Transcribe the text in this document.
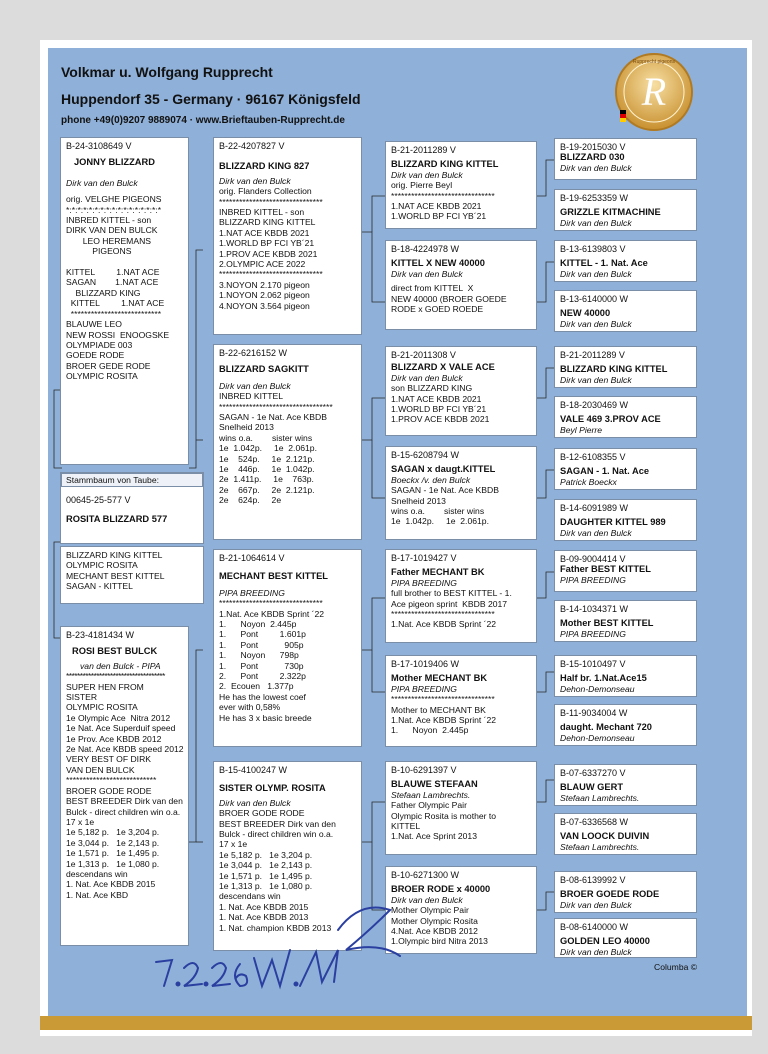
Volkmar u. Wolfgang Rupprecht
Huppendorf 35 - Germany · 96167 Königsfeld
phone +49(0)9207 9889074 · www.Brieftauben-Rupprecht.de
R
Rupprecht pigeons
B-24-3108649 V
JONNY BLIZZARD
Dirk van den Bulck
orig. VELGHE PIGEONS
*:*:*:*:*:*:*:*:*:*:*:*:*:*:*:*:*
INBRED KITTEL - son
DIRK VAN DEN BULCK
LEO HEREMANS
PIGEONS

KITTEL         1.NAT ACE
SAGAN        1.NAT ACE
BLIZZARD KING
KITTEL         1.NAT ACE
***************************
BLAUWE LEO
NEW ROSSI  ENOOGSKE
OLYMPIADE 003
GOEDE RODE
BROER GEDE RODE
OLYMPIC ROSITA
Stammbaum von Taube:
00645-25-577 V
ROSITA BLIZZARD 577
BLIZZARD KING KITTEL
OLYMPIC ROSITA
MECHANT BEST KITTEL
SAGAN - KITTEL
B-23-4181434 W
ROSI BEST BULCK
van den Bulck - PIPA
************************************
SUPER HEN FROM
SISTER
OLYMPIC ROSITA
1e Olympic Ace  Nitra 2012
1e Nat. Ace Superduif speed
1e Prov. Ace KBDB 2012
2e Nat. Ace KBDB speed 2012
VERY BEST OF DIRK
VAN DEN BULCK
***************************
BROER GODE RODE
BEST BREEDER Dirk van den
Bulck - direct children win o.a.
17 x 1e
1e 5,182 p.   1e 3,204 p.
1e 3,044 p.   1e 2,143 p.
1e 1,571 p.   1e 1,495 p.
1e 1,313 p.   1e 1,080 p.
descendans win
1. Nat. Ace KBDB 2015
1. Nat. Ace KBD
B-22-4207827 V
BLIZZARD KING 827
Dirk van den Bulck
orig. Flanders Collection
*******************************
INBRED KITTEL - son
BLIZZARD KING KITTEL
1.NAT ACE KBDB 2021
1.WORLD BP FCI YB´21
1.PROV ACE KBDB 2021
2.OLYMPIC ACE 2022
*******************************
3.NOYON 2.170 pigeon
1.NOYON 2.062 pigeon
4.NOYON 3.564 pigeon
B-22-6216152 W
BLIZZARD SAGKITT
Dirk van den Bulck
INBRED KITTEL
**********************************
SAGAN - 1e Nat. Ace KBDB
Snelheid 2013
wins o.a.        sister wins
1e  1.042p.     1e  2.061p.
1e    524p.     1e  2.121p.
1e    446p.     1e  1.042p.
2e  1.411p.     1e    763p.
2e    667p.     2e  2.121p.
2e    624p.     2e
B-21-1064614 V
MECHANT BEST KITTEL
PIPA BREEDING
*******************************
1.Nat. Ace KBDB Sprint ´22
1.      Noyon  2.445p
1.      Pont         1.601p
1.      Pont           905p
1.      Noyon      798p
1.      Pont           730p
2.      Pont         2.322p
2.  Ecouen   1.377p
He has the lowest coef
ever with 0,58%
He has 3 x basic breede
B-15-4100247 W
SISTER OLYMP. ROSITA
Dirk van den Bulck
BROER GODE RODE
BEST BREEDER Dirk van den
Bulck - direct children win o.a.
17 x 1e
1e 5,182 p.   1e 3,204 p.
1e 3,044 p.   1e 2,143 p.
1e 1,571 p.   1e 1,495 p.
1e 1,313 p.   1e 1,080 p.
descendans win
1. Nat. Ace KBDB 2015
1. Nat. Ace KBDB 2013
1. Nat. champion KBDB 2013
B-21-2011289 V
BLIZZARD KING KITTEL
Dirk van den Bulck
orig. Pierre Beyl
*******************************
1.NAT ACE KBDB 2021
1.WORLD BP FCI YB´21
B-18-4224978 W
KITTEL X NEW 40000
Dirk van den Bulck
direct from KITTEL  X
NEW 40000 (BROER GOEDE
RODE x GOED ROEDE
B-21-2011308 V
BLIZZARD X VALE ACE
Dirk van den Bulck
son BLIZZARD KING
1.NAT ACE KBDB 2021
1.WORLD BP FCI YB´21
1.PROV ACE KBDB 2021
B-15-6208794 W
SAGAN x daugt.KITTEL
Boeckx /v. den Bulck
SAGAN - 1e Nat. Ace KBDB
Snelheid 2013
wins o.a.        sister wins
1e  1.042p.     1e  2.061p.
B-17-1019427 V
Father MECHANT BK
PIPA BREEDING
full brother to BEST KITTEL - 1.
Ace pigeon sprint  KBDB 2017
*******************************
1.Nat. Ace KBDB Sprint ´22
B-17-1019406 W
Mother MECHANT BK
PIPA BREEDING
*******************************
Mother to MECHANT BK
1.Nat. Ace KBDB Sprint ´22
1.      Noyon  2.445p
B-10-6291397 V
BLAUWE STEFAAN
Stefaan Lambrechts.
Father Olympic Pair
Olympic Rosita is mother to
KITTEL
1.Nat. Ace Sprint 2013
B-10-6271300 W
BROER RODE x 40000
Dirk van den Bulck
Mother Olympic Pair
Mother Olympic Rosita
4.Nat. Ace KBDB 2012
1.Olympic bird Nitra 2013
B-19-2015030 V
BLIZZARD 030
Dirk van den Bulck
B-19-6253359 W
GRIZZLE KITMACHINE
Dirk van den Bulck
B-13-6139803 V
KITTEL - 1. Nat. Ace
Dirk van den Bulck
B-13-6140000 W
NEW 40000
Dirk van den Bulck
B-21-2011289 V
BLIZZARD KING KITTEL
Dirk van den Bulck
B-18-2030469 W
VALE 469 3.PROV ACE
Beyl Pierre
B-12-6108355 V
SAGAN - 1. Nat. Ace
Patrick Boeckx
B-14-6091989 W
DAUGHTER KITTEL 989
Dirk van den Bulck
B-09-9004414 V
Father BEST KITTEL
PIPA BREEDING
B-14-1034371 W
Mother BEST KITTEL
PIPA BREEDING
B-15-1010497 V
Half br. 1.Nat.Ace15
Dehon-Demonseau
B-11-9034004 W
daught. Mechant 720
Dehon-Demonseau
B-07-6337270 V
BLAUW GERT
Stefaan Lambrechts.
B-07-6336568 W
VAN LOOCK DUIVIN
Stefaan Lambrechts.
B-08-6139992 V
BROER GOEDE RODE
Dirk van den Bulck
B-08-6140000 W
GOLDEN LEO 40000
Dirk van den Bulck
Columba ©
